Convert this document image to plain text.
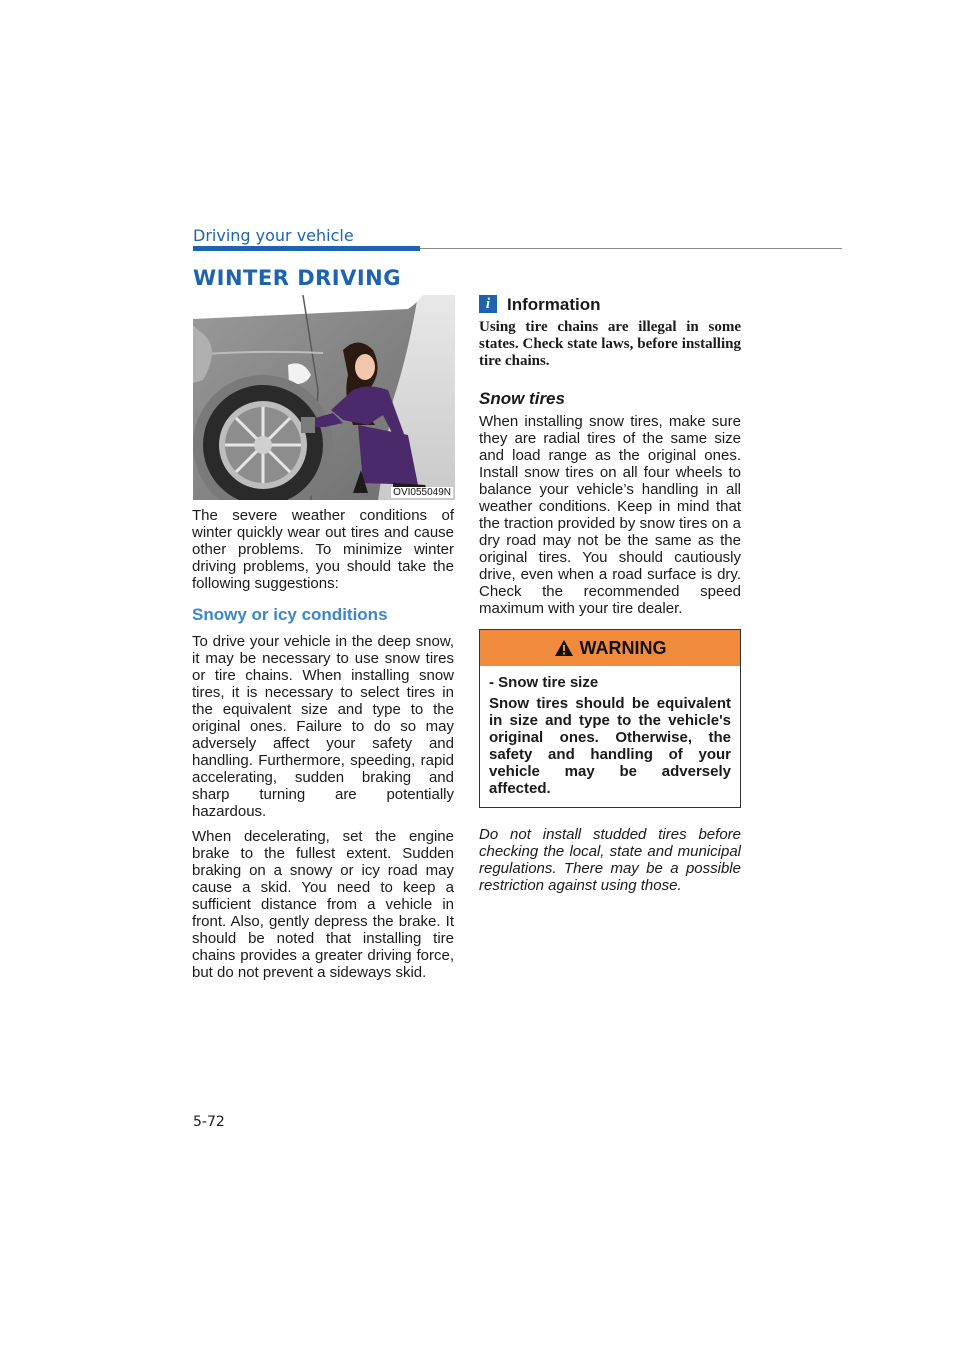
Driving your vehicle
WINTER DRIVING
OVI055049N

The severe weather conditions of winter quickly wear out tires and cause other problems. To minimize winter driving problems, you should take the following suggestions:

Snowy or icy conditions

To drive your vehicle in the deep snow, it may be necessary to use snow tires or tire chains. When installing snow tires, it is necessary to select tires in the equivalent size and type to the original ones. Failure to do so may adversely affect your safety and handling. Furthermore, speeding, rapid accelerating, sudden braking and sharp turning are potentially hazardous.

When decelerating, set the engine brake to the fullest extent. Sudden braking on a snowy or icy road may cause a skid. You need to keep a sufficient distance from a vehicle in front. Also, gently depress the brake. It should be noted that installing tire chains provides a greater driving force, but do not prevent a sideways skid.

i Information

Using tire chains are illegal in some states. Check state laws, before installing tire chains.

Snow tires

When installing snow tires, make sure they are radial tires of the same size and load range as the original ones. Install snow tires on all four wheels to balance your vehicle’s handling in all weather conditions. Keep in mind that the traction provided by snow tires on a dry road may not be the same as the original tires. You should cautiously drive, even when a road surface is dry. Check the recommended speed maximum with your tire dealer.

WARNING

- Snow tire size

Snow tires should be equivalent in size and type to the vehicle's original ones. Otherwise, the safety and handling of your vehicle may be adversely affected.

Do not install studded tires before checking the local, state and municipal regulations. There may be a possible restriction against using those.

5-72
